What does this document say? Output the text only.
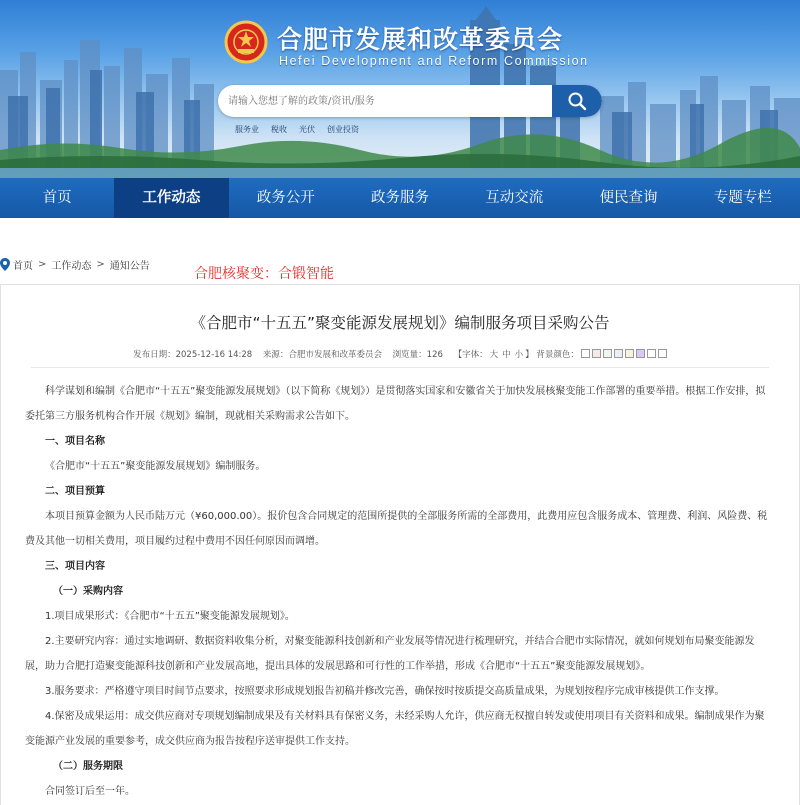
合肥市发展和改革委员会
Hefei Development and Reform Commission
请输入您想了解的政策/资讯/服务
服务业 税收 光伏 创业投资
首页	工作动态	政务公开	政务服务	互动交流	便民查询	专题专栏
首页 > 工作动态 > 通知公告	合肥核聚变：合锻智能
《合肥市“十五五”聚变能源发展规划》编制服务项目采购公告
发布日期：2025-12-16 14:28 来源：合肥市发展和改革委员会 浏览量：126 【字体： 大 中 小 】 背景颜色：

科学谋划和编制《合肥市“十五五”聚变能源发展规划》（以下简称《规划》）是贯彻落实国家和安徽省关于加快发展核聚变能工作部署的重要举措。根据工作安排，拟委托第三方服务机构合作开展《规划》编制，现就相关采购需求公告如下。

一、项目名称

《合肥市“十五五”聚变能源发展规划》编制服务。

二、项目预算

本项目预算金额为人民币陆万元（¥60,000.00）。报价包含合同规定的范围所提供的全部服务所需的全部费用，此费用应包含服务成本、管理费、利润、风险费、税费及其他一切相关费用，项目履约过程中费用不因任何原因而调增。

三、项目内容

（一）采购内容

1.项目成果形式：《合肥市“十五五”聚变能源发展规划》。

2.主要研究内容：通过实地调研、数据资料收集分析，对聚变能源科技创新和产业发展等情况进行梳理研究，并结合合肥市实际情况，就如何规划布局聚变能源发展，助力合肥打造聚变能源科技创新和产业发展高地，提出具体的发展思路和可行性的工作举措，形成《合肥市“十五五”聚变能源发展规划》。

3.服务要求：严格遵守项目时间节点要求，按照要求形成规划报告初稿并修改完善，确保按时按质提交高质量成果，为规划按程序完成审核提供工作支撑。

4.保密及成果运用：成交供应商对专项规划编制成果及有关材料具有保密义务，未经采购人允许，供应商无权擅自转发或使用项目有关资料和成果。编制成果作为聚变能源产业发展的重要参考，成交供应商为报告按程序送审提供工作支持。

（二）服务期限

合同签订后至一年。
